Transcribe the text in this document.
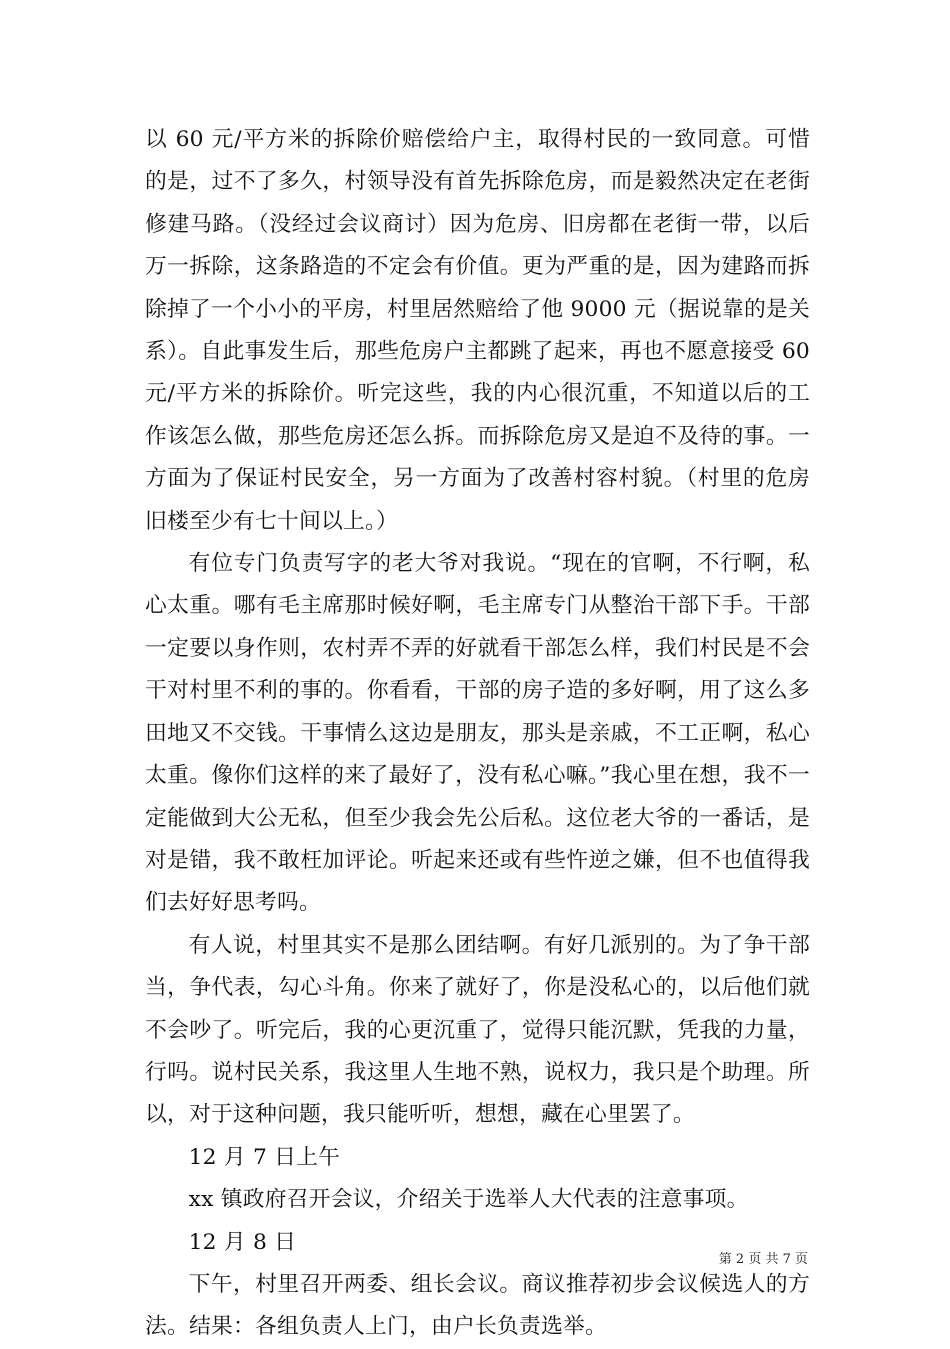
以 60 元/平方米的拆除价赔偿给户主，取得村民的一致同意。可惜的是，过不了多久，村领导没有首先拆除危房，而是毅然决定在老街修建马路。（没经过会议商讨）因为危房、旧房都在老街一带，以后万一拆除，这条路造的不定会有价值。更为严重的是，因为建路而拆除掉了一个小小的平房，村里居然赔给了他 9000 元（据说靠的是关系）。自此事发生后，那些危房户主都跳了起来，再也不愿意接受 60 元/平方米的拆除价。听完这些，我的内心很沉重，不知道以后的工作该怎么做，那些危房还怎么拆。而拆除危房又是迫不及待的事。一方面为了保证村民安全，另一方面为了改善村容村貌。（村里的危房旧楼至少有七十间以上。）

有位专门负责写字的老大爷对我说。“现在的官啊，不行啊，私心太重。哪有毛主席那时候好啊，毛主席专门从整治干部下手。干部一定要以身作则，农村弄不弄的好就看干部怎么样，我们村民是不会干对村里不利的事的。你看看，干部的房子造的多好啊，用了这么多田地又不交钱。干事情么这边是朋友，那头是亲戚，不工正啊，私心太重。像你们这样的来了最好了，没有私心嘛。”我心里在想，我不一定能做到大公无私，但至少我会先公后私。这位老大爷的一番话，是对是错，我不敢枉加评论。听起来还或有些忤逆之嫌，但不也值得我们去好好思考吗。

有人说，村里其实不是那么团结啊。有好几派别的。为了争干部当，争代表，勾心斗角。你来了就好了，你是没私心的，以后他们就不会吵了。听完后，我的心更沉重了，觉得只能沉默，凭我的力量，行吗。说村民关系，我这里人生地不熟，说权力，我只是个助理。所以，对于这种问题，我只能听听，想想，藏在心里罢了。

12 月 7 日上午

xx 镇政府召开会议，介绍关于选举人大代表的注意事项。

12 月 8 日

下午，村里召开两委、组长会议。商议推荐初步会议候选人的方法。结果：各组负责人上门，由户长负责选举。

第 2 页 共 7 页
